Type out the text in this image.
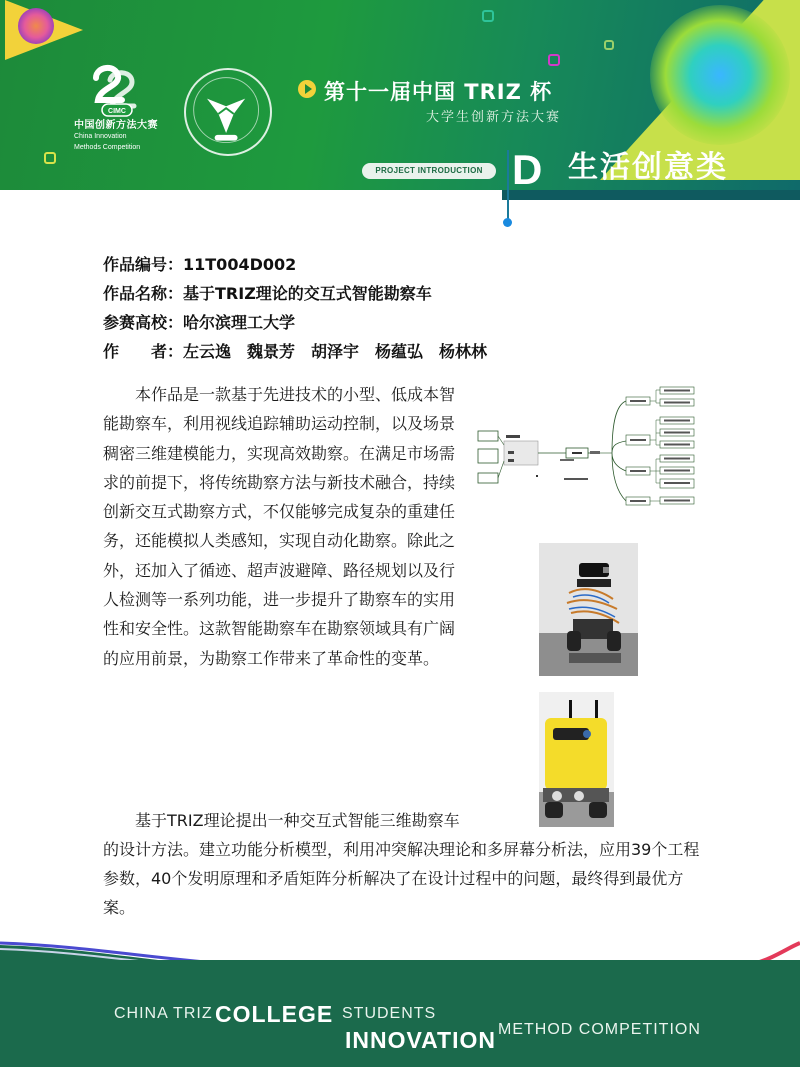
CIMC
中国创新方法大赛
China Innovation
Methods Competition
第十一届中国 TRIZ 杯
大学生创新方法大赛
PROJECT INTRODUCTION D 生活创意类
作品编号：11T004D002
作品名称：基于TRIZ理论的交互式智能勘察车
参赛高校：哈尔滨理工大学
作　　者：左云逸　魏景芳　胡泽宇　杨蕴弘　杨林林
本作品是一款基于先进技术的小型、低成本智能勘察车，利用视线追踪辅助运动控制，以及场景稠密三维建模能力，实现高效勘察。在满足市场需求的前提下，将传统勘察方法与新技术融合，持续创新交互式勘察方式，不仅能够完成复杂的重建任务，还能模拟人类感知，实现自动化勘察。除此之外，还加入了循迹、超声波避障、路径规划以及行人检测等一系列功能，进一步提升了勘察车的实用性和安全性。这款智能勘察车在勘察领域具有广阔的应用前景，为勘察工作带来了革命性的变革。
基于TRIZ理论提出一种交互式智能三维勘察车
的设计方法。建立功能分析模型，利用冲突解决理论和多屏幕分析法，应用39个工程参数，40个发明原理和矛盾矩阵分析解决了在设计过程中的问题，最终得到最优方案。
CHINA TRIZ COLLEGE STUDENTS
INNOVATION METHOD COMPETITION
